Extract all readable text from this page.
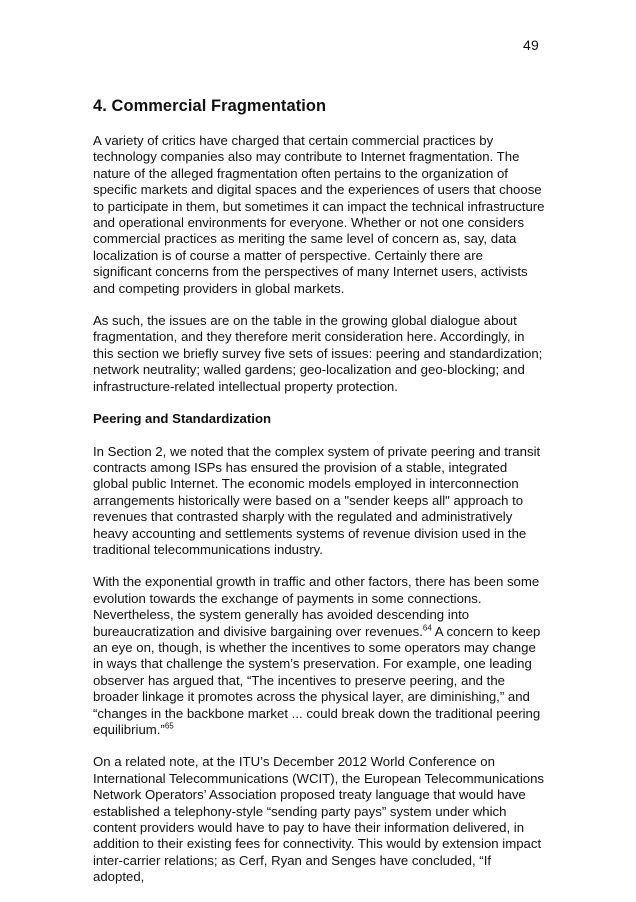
49
4. Commercial Fragmentation

A variety of critics have charged that certain commercial practices by technology companies also may contribute to Internet fragmentation. The nature of the alleged fragmentation often pertains to the organization of specific markets and digital spaces and the experiences of users that choose to participate in them, but sometimes it can impact the technical infrastructure and operational environments for everyone. Whether or not one considers commercial practices as meriting the same level of concern as, say, data localization is of course a matter of perspective. Certainly there are significant concerns from the perspectives of many Internet users, activists and competing providers in global markets.

As such, the issues are on the table in the growing global dialogue about fragmentation, and they therefore merit consideration here. Accordingly, in this section we briefly survey five sets of issues: peering and standardization; network neutrality; walled gardens; geo-localization and geo-blocking; and infrastructure-related intellectual property protection.

Peering and Standardization

In Section 2, we noted that the complex system of private peering and transit contracts among ISPs has ensured the provision of a stable, integrated global public Internet. The economic models employed in interconnection arrangements historically were based on a "sender keeps all" approach to revenues that contrasted sharply with the regulated and administratively heavy accounting and settlements systems of revenue division used in the traditional telecommunications industry.

With the exponential growth in traffic and other factors, there has been some evolution towards the exchange of payments in some connections. Nevertheless, the system generally has avoided descending into bureaucratization and divisive bargaining over revenues.$^{64}$ A concern to keep an eye on, though, is whether the incentives to some operators may change in ways that challenge the system’s preservation. For example, one leading observer has argued that, “The incentives to preserve peering, and the broader linkage it promotes across the physical layer, are diminishing,” and “changes in the backbone market ... could break down the traditional peering equilibrium.”$^{65}$

On a related note, at the ITU’s December 2012 World Conference on International Telecommunications (WCIT), the European Telecommunications Network Operators’ Association proposed treaty language that would have established a telephony-style “sending party pays” system under which content providers would have to pay to have their information delivered, in addition to their existing fees for connectivity. This would by extension impact inter-carrier relations; as Cerf, Ryan and Senges have concluded, “If adopted,
